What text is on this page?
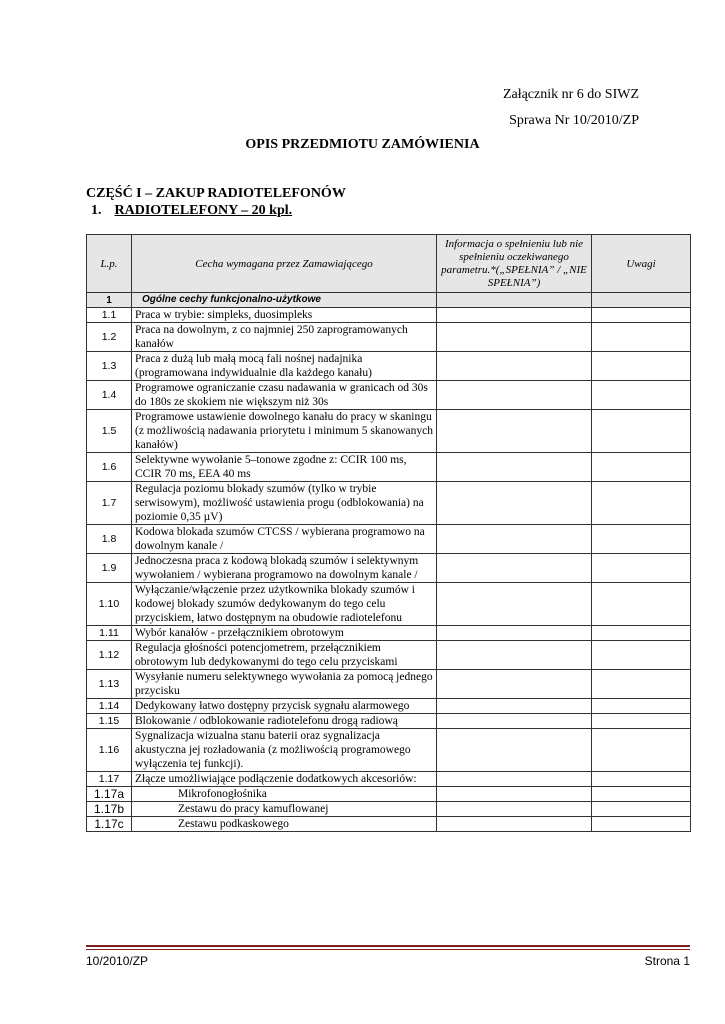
Załącznik nr 6 do SIWZ
Sprawa Nr 10/2010/ZP
OPIS PRZEDMIOTU ZAMÓWIENIA
CZĘŚĆ I – ZAKUP RADIOTELEFONÓW
1. RADIOTELEFONY – 20 kpl.
L.p.	Cecha wymagana przez Zamawiającego	Informacja o spełnieniu lub nie spełnieniu oczekiwanego parametru.*(„SPEŁNIA” / „NIE SPEŁNIA”)	Uwagi
1	Ogólne cechy funkcjonalno-użytkowe		
1.1	Praca w trybie: simpleks, duosimpleks		
1.2	Praca na dowolnym, z co najmniej 250 zaprogramowanych kanałów		
1.3	Praca z dużą lub małą mocą fali nośnej nadajnika (programowana indywidualnie dla każdego kanału)		
1.4	Programowe ograniczanie czasu nadawania w granicach od 30s do 180s ze skokiem nie większym niż 30s		
1.5	Programowe ustawienie dowolnego kanału do pracy w skaningu (z możliwością nadawania priorytetu i minimum 5 skanowanych kanałów)		
1.6	Selektywne wywołanie 5–tonowe zgodne z: CCIR 100 ms, CCIR 70 ms, EEA 40 ms		
1.7	Regulacja poziomu blokady szumów (tylko w trybie serwisowym), możliwość ustawienia progu (odblokowania) na poziomie 0,35 µV)		
1.8	Kodowa blokada szumów CTCSS / wybierana programowo na dowolnym kanale /		
1.9	Jednoczesna praca z kodową blokadą szumów i selektywnym wywołaniem / wybierana programowo na dowolnym kanale /		
1.10	Wyłączanie/włączenie przez użytkownika blokady szumów i kodowej blokady szumów dedykowanym do tego celu przyciskiem, łatwo dostępnym na obudowie radiotelefonu		
1.11	Wybór kanałów - przełącznikiem obrotowym		
1.12	Regulacja głośności potencjometrem, przełącznikiem obrotowym lub dedykowanymi do tego celu przyciskami		
1.13	Wysyłanie numeru selektywnego wywołania za pomocą jednego przycisku		
1.14	Dedykowany łatwo dostępny przycisk sygnału alarmowego		
1.15	Blokowanie / odblokowanie radiotelefonu drogą radiową		
1.16	Sygnalizacja wizualna stanu baterii oraz sygnalizacja akustyczna jej rozładowania (z możliwością programowego wyłączenia tej funkcji).		
1.17	Złącze umożliwiające podłączenie dodatkowych akcesoriów:		
1.17a	Mikrofonogłośnika		
1.17b	Zestawu do pracy kamuflowanej		
1.17c	Zestawu podkaskowego		
10/2010/ZP	Strona 1
